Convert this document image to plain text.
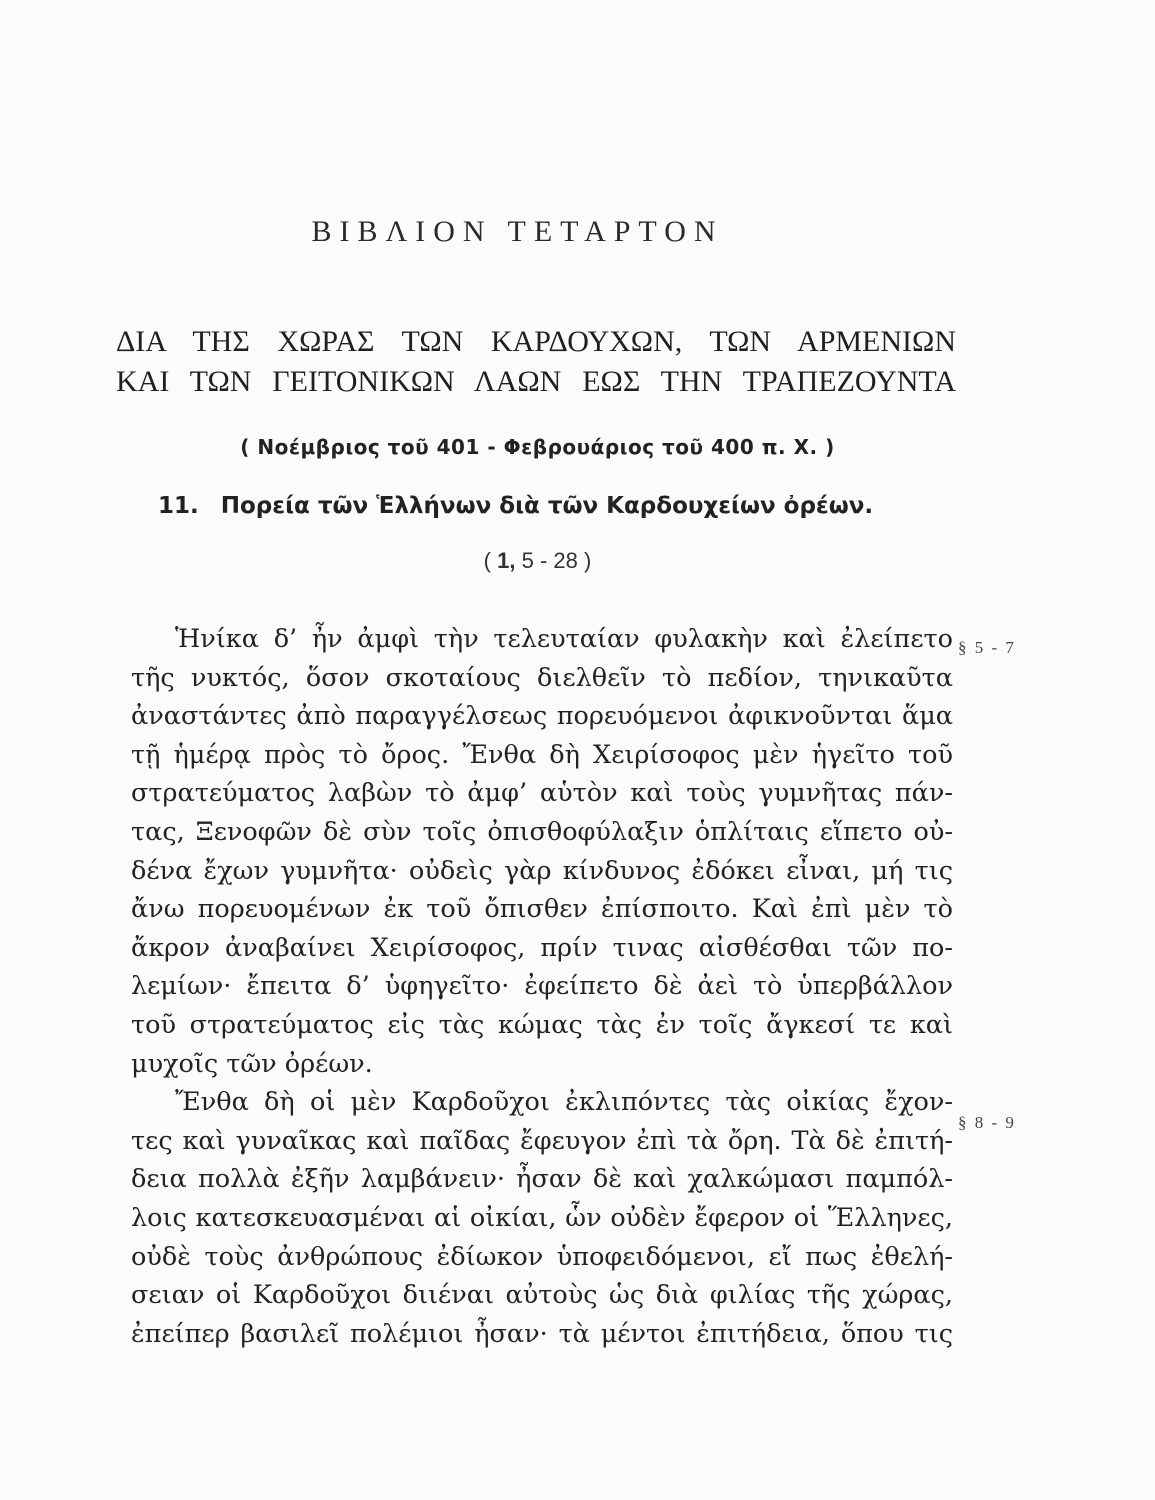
ΒΙΒΛΙΟΝ ΤΕΤΑΡΤΟΝ
ΔΙΑ ΤΗΣ ΧΩΡΑΣ ΤΩΝ ΚΑΡΔΟΥΧΩΝ, ΤΩΝ ΑΡΜΕΝΙΩΝ
ΚΑΙ ΤΩΝ ΓΕΙΤΟΝΙΚΩΝ ΛΑΩΝ ΕΩΣ ΤΗΝ ΤΡΑΠΕΖΟΥΝΤΑ
( Νοέμβριος τοῦ 401 - Φεβρουάριος τοῦ 400 π. Χ. )
11. Πορεία τῶν Ἑλλήνων διὰ τῶν Καρδουχείων ὀρέων.
( 1, 5 - 28 )
§ 5 - 7
§ 8 - 9
Ἡνίκα δ’ ἦν ἀμφὶ τὴν τελευταίαν φυλακὴν καὶ ἐλείπετο
τῆς νυκτός, ὅσον σκοταίους διελθεῖν τὸ πεδίον, τηνικαῦτα
ἀναστάντες ἀπὸ παραγγέλσεως πορευόμενοι ἀφικνοῦνται ἅμα
τῇ ἡμέρᾳ πρὸς τὸ ὄρος. Ἔνθα δὴ Χειρίσοφος μὲν ἡγεῖτο τοῦ
στρατεύματος λαβὼν τὸ ἀμφ’ αὑτὸν καὶ τοὺς γυμνῆτας πάν-
τας, Ξενοφῶν δὲ σὺν τοῖς ὀπισθοφύλαξιν ὁπλίταις εἵπετο οὐ-
δένα ἔχων γυμνῆτα· οὐδεὶς γὰρ κίνδυνος ἐδόκει εἶναι, μή τις
ἄνω πορευομένων ἐκ τοῦ ὄπισθεν ἐπίσποιτο. Καὶ ἐπὶ μὲν τὸ
ἄκρον ἀναβαίνει Χειρίσοφος, πρίν τινας αἰσθέσθαι τῶν πο-
λεμίων· ἔπειτα δ’ ὑφηγεῖτο· ἐφείπετο δὲ ἀεὶ τὸ ὑπερβάλλον
τοῦ στρατεύματος εἰς τὰς κώμας τὰς ἐν τοῖς ἄγκεσί τε καὶ
μυχοῖς τῶν ὀρέων.
Ἔνθα δὴ οἱ μὲν Καρδοῦχοι ἐκλιπόντες τὰς οἰκίας ἔχον-
τες καὶ γυναῖκας καὶ παῖδας ἔφευγον ἐπὶ τὰ ὄρη. Τὰ δὲ ἐπιτή-
δεια πολλὰ ἐξῆν λαμβάνειν· ἦσαν δὲ καὶ χαλκώμασι παμπόλ-
λοις κατεσκευασμέναι αἱ οἰκίαι, ὧν οὐδὲν ἔφερον οἱ Ἕλληνες,
οὐδὲ τοὺς ἀνθρώπους ἐδίωκον ὑποφειδόμενοι, εἴ πως ἐθελή-
σειαν οἱ Καρδοῦχοι διιέναι αὐτοὺς ὡς διὰ φιλίας τῆς χώρας,
ἐπείπερ βασιλεῖ πολέμιοι ἦσαν· τὰ μέντοι ἐπιτήδεια, ὅπου τις
